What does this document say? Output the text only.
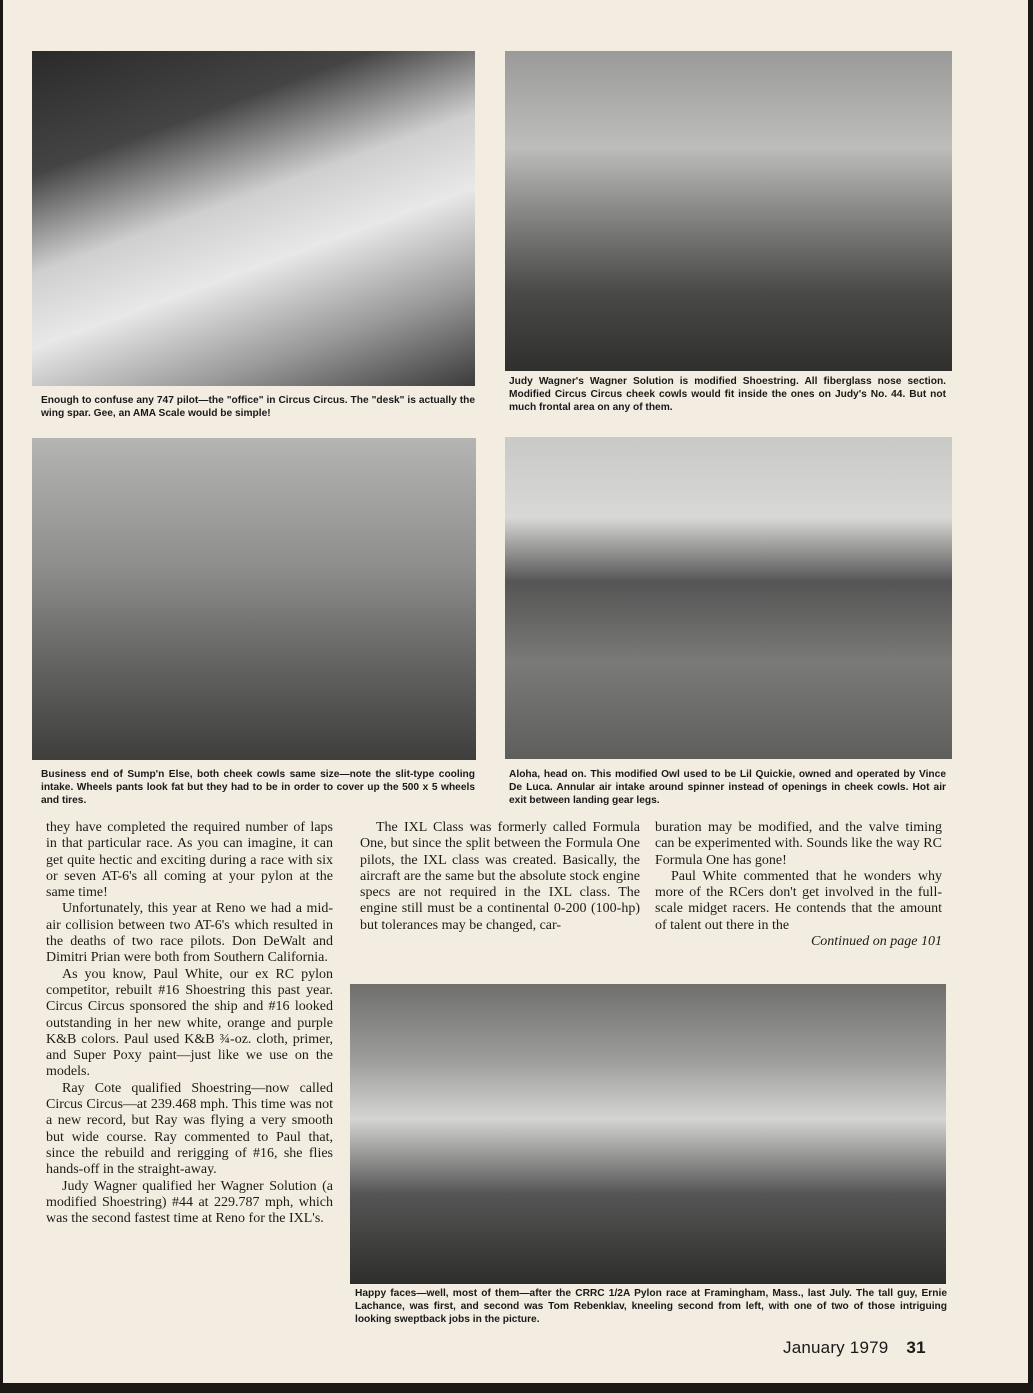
Enough to confuse any 747 pilot—the "office" in Circus Circus. The "desk" is actually the wing spar. Gee, an AMA Scale would be simple!
Judy Wagner's Wagner Solution is modified Shoestring. All fiberglass nose section. Modified Circus Circus cheek cowls would fit inside the ones on Judy's No. 44. But not much frontal area on any of them.
Business end of Sump'n Else, both cheek cowls same size—note the slit-type cooling intake. Wheels pants look fat but they had to be in order to cover up the 500 x 5 wheels and tires.
Aloha, head on. This modified Owl used to be Lil Quickie, owned and operated by Vince De Luca. Annular air intake around spinner instead of openings in cheek cowls. Hot air exit between landing gear legs.

they have completed the required number of laps in that particular race. As you can imagine, it can get quite hectic and exciting during a race with six or seven AT-6's all coming at your pylon at the same time!

Unfortunately, this year at Reno we had a mid-air collision between two AT-6's which resulted in the deaths of two race pilots. Don DeWalt and Dimitri Prian were both from Southern California.

As you know, Paul White, our ex RC pylon competitor, rebuilt #16 Shoestring this past year. Circus Circus sponsored the ship and #16 looked outstanding in her new white, orange and purple K&B colors. Paul used K&B ¾-oz. cloth, primer, and Super Poxy paint—just like we use on the models.

Ray Cote qualified Shoestring—now called Circus Circus—at 239.468 mph. This time was not a new record, but Ray was flying a very smooth but wide course. Ray commented to Paul that, since the rebuild and rerigging of #16, she flies hands-off in the straight-away.

Judy Wagner qualified her Wagner Solution (a modified Shoestring) #44 at 229.787 mph, which was the second fastest time at Reno for the IXL's.

The IXL Class was formerly called Formula One, but since the split between the Formula One pilots, the IXL class was created. Basically, the aircraft are the same but the absolute stock engine specs are not required in the IXL class. The engine still must be a continental 0-200 (100-hp) but tolerances may be changed, car-

buration may be modified, and the valve timing can be experimented with. Sounds like the way RC Formula One has gone!

Paul White commented that he wonders why more of the RCers don't get involved in the full-scale midget racers. He contends that the amount of talent out there in the

Continued on page 101

Happy faces—well, most of them—after the CRRC 1/2A Pylon race at Framingham, Mass., last July. The tall guy, Ernie Lachance, was first, and second was Tom Rebenklav, kneeling second from left, with one of two of those intriguing looking sweptback jobs in the picture.
January 1979 31
